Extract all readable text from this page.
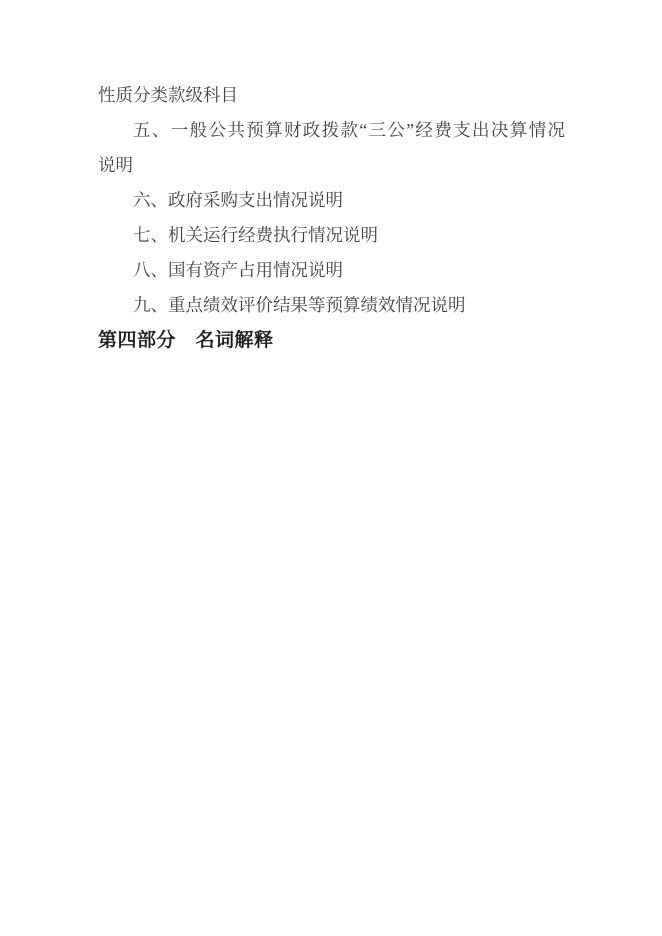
性质分类款级科目

五、一般公共预算财政拨款“三公”经费支出决算情况

说明

六、政府采购支出情况说明

七、机关运行经费执行情况说明

八、国有资产占用情况说明

九、重点绩效评价结果等预算绩效情况说明

第四部分　名词解释
